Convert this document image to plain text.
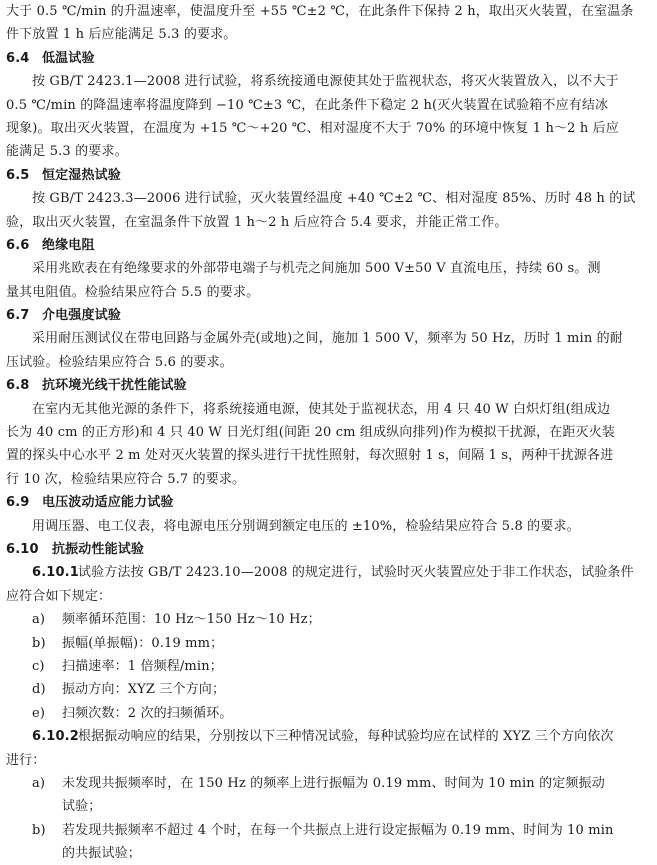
大于 0.5 ℃/min 的升温速率，使温度升至 +55 ℃±2 ℃，在此条件下保持 2 h，取出灭火装置，在室温条
件下放置 1 h 后应能满足 5.3 的要求。
6.4 低温试验
按 GB/T 2423.1—2008 进行试验，将系统接通电源使其处于监视状态，将灭火装置放入，以不大于
0.5 ℃/min 的降温速率将温度降到 −10 ℃±3 ℃，在此条件下稳定 2 h(灭火装置在试验箱不应有结冰
现象)。取出灭火装置，在温度为 +15 ℃～+20 ℃、相对湿度不大于 70% 的环境中恢复 1 h～2 h 后应
能满足 5.3 的要求。
6.5 恒定湿热试验
按 GB/T 2423.3—2006 进行试验，灭火装置经温度 +40 ℃±2 ℃、相对湿度 85%、历时 48 h 的试
验，取出灭火装置，在室温条件下放置 1 h～2 h 后应符合 5.4 要求，并能正常工作。
6.6 绝缘电阻
采用兆欧表在有绝缘要求的外部带电端子与机壳之间施加 500 V±50 V 直流电压，持续 60 s。测
量其电阻值。检验结果应符合 5.5 的要求。
6.7 介电强度试验
采用耐压测试仪在带电回路与金属外壳(或地)之间，施加 1 500 V，频率为 50 Hz，历时 1 min 的耐
压试验。检验结果应符合 5.6 的要求。
6.8 抗环境光线干扰性能试验
在室内无其他光源的条件下，将系统接通电源，使其处于监视状态，用 4 只 40 W 白炽灯组(组成边
长为 40 cm 的正方形)和 4 只 40 W 日光灯组(间距 20 cm 组成纵向排列)作为模拟干扰源，在距灭火装
置的探头中心水平 2 m 处对灭火装置的探头进行干扰性照射，每次照射 1 s，间隔 1 s，两种干扰源各进
行 10 次，检验结果应符合 5.7 的要求。
6.9 电压波动适应能力试验
用调压器、电工仪表，将电源电压分别调到额定电压的 ±10%，检验结果应符合 5.8 的要求。
6.10 抗振动性能试验
6.10.1试验方法按 GB/T 2423.10—2008 的规定进行，试验时灭火装置应处于非工作状态，试验条件
应符合如下规定：
a) 频率循环范围：10 Hz～150 Hz～10 Hz；
b) 振幅(单振幅)：0.19 mm；
c) 扫描速率：1 倍频程/min；
d) 振动方向：XYZ 三个方向；
e) 扫频次数：2 次的扫频循环。
6.10.2根据振动响应的结果，分别按以下三种情况试验，每种试验均应在试样的 XYZ 三个方向依次
进行：
a) 未发现共振频率时，在 150 Hz 的频率上进行振幅为 0.19 mm、时间为 10 min 的定频振动
试验；
b) 若发现共振频率不超过 4 个时，在每一个共振点上进行设定振幅为 0.19 mm、时间为 10 min
的共振试验；
